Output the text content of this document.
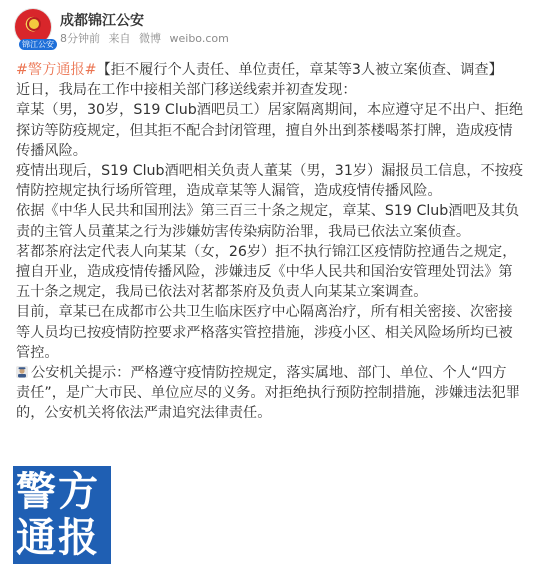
锦江公安
成都锦江公安
8分钟前 来自 微博 weibo.com
#警方通报#【拒不履行个人责任、单位责任，章某等3人被立案侦查、调查】
近日，我局在工作中接相关部门移送线索并初查发现：
章某（男，30岁，S19 Club酒吧员工）居家隔离期间，本应遵守足不出户、拒绝
探访等防疫规定，但其拒不配合封闭管理，擅自外出到茶楼喝茶打牌，造成疫情
传播风险。
疫情出现后，S19 Club酒吧相关负责人董某（男，31岁）漏报员工信息，不按疫
情防控规定执行场所管理，造成章某等人漏管，造成疫情传播风险。
依据《中华人民共和国刑法》第三百三十条之规定，章某、S19 Club酒吧及其负
责的主管人员董某之行为涉嫌妨害传染病防治罪，我局已依法立案侦查。
茗都茶府法定代表人向某某（女，26岁）拒不执行锦江区疫情防控通告之规定，
擅自开业，造成疫情传播风险，涉嫌违反《中华人民共和国治安管理处罚法》第
五十条之规定，我局已依法对茗都茶府及负责人向某某立案调查。
目前，章某已在成都市公共卫生临床医疗中心隔离治疗，所有相关密接、次密接
等人员均已按疫情防控要求严格落实管控措施，涉疫小区、相关风险场所均已被
管控。
公安机关提示：严格遵守疫情防控规定，落实属地、部门、单位、个人“四方
责任”，是广大市民、单位应尽的义务。对拒绝执行预防控制措施，涉嫌违法犯罪
的，公安机关将依法严肃追究法律责任。
警方
通报
